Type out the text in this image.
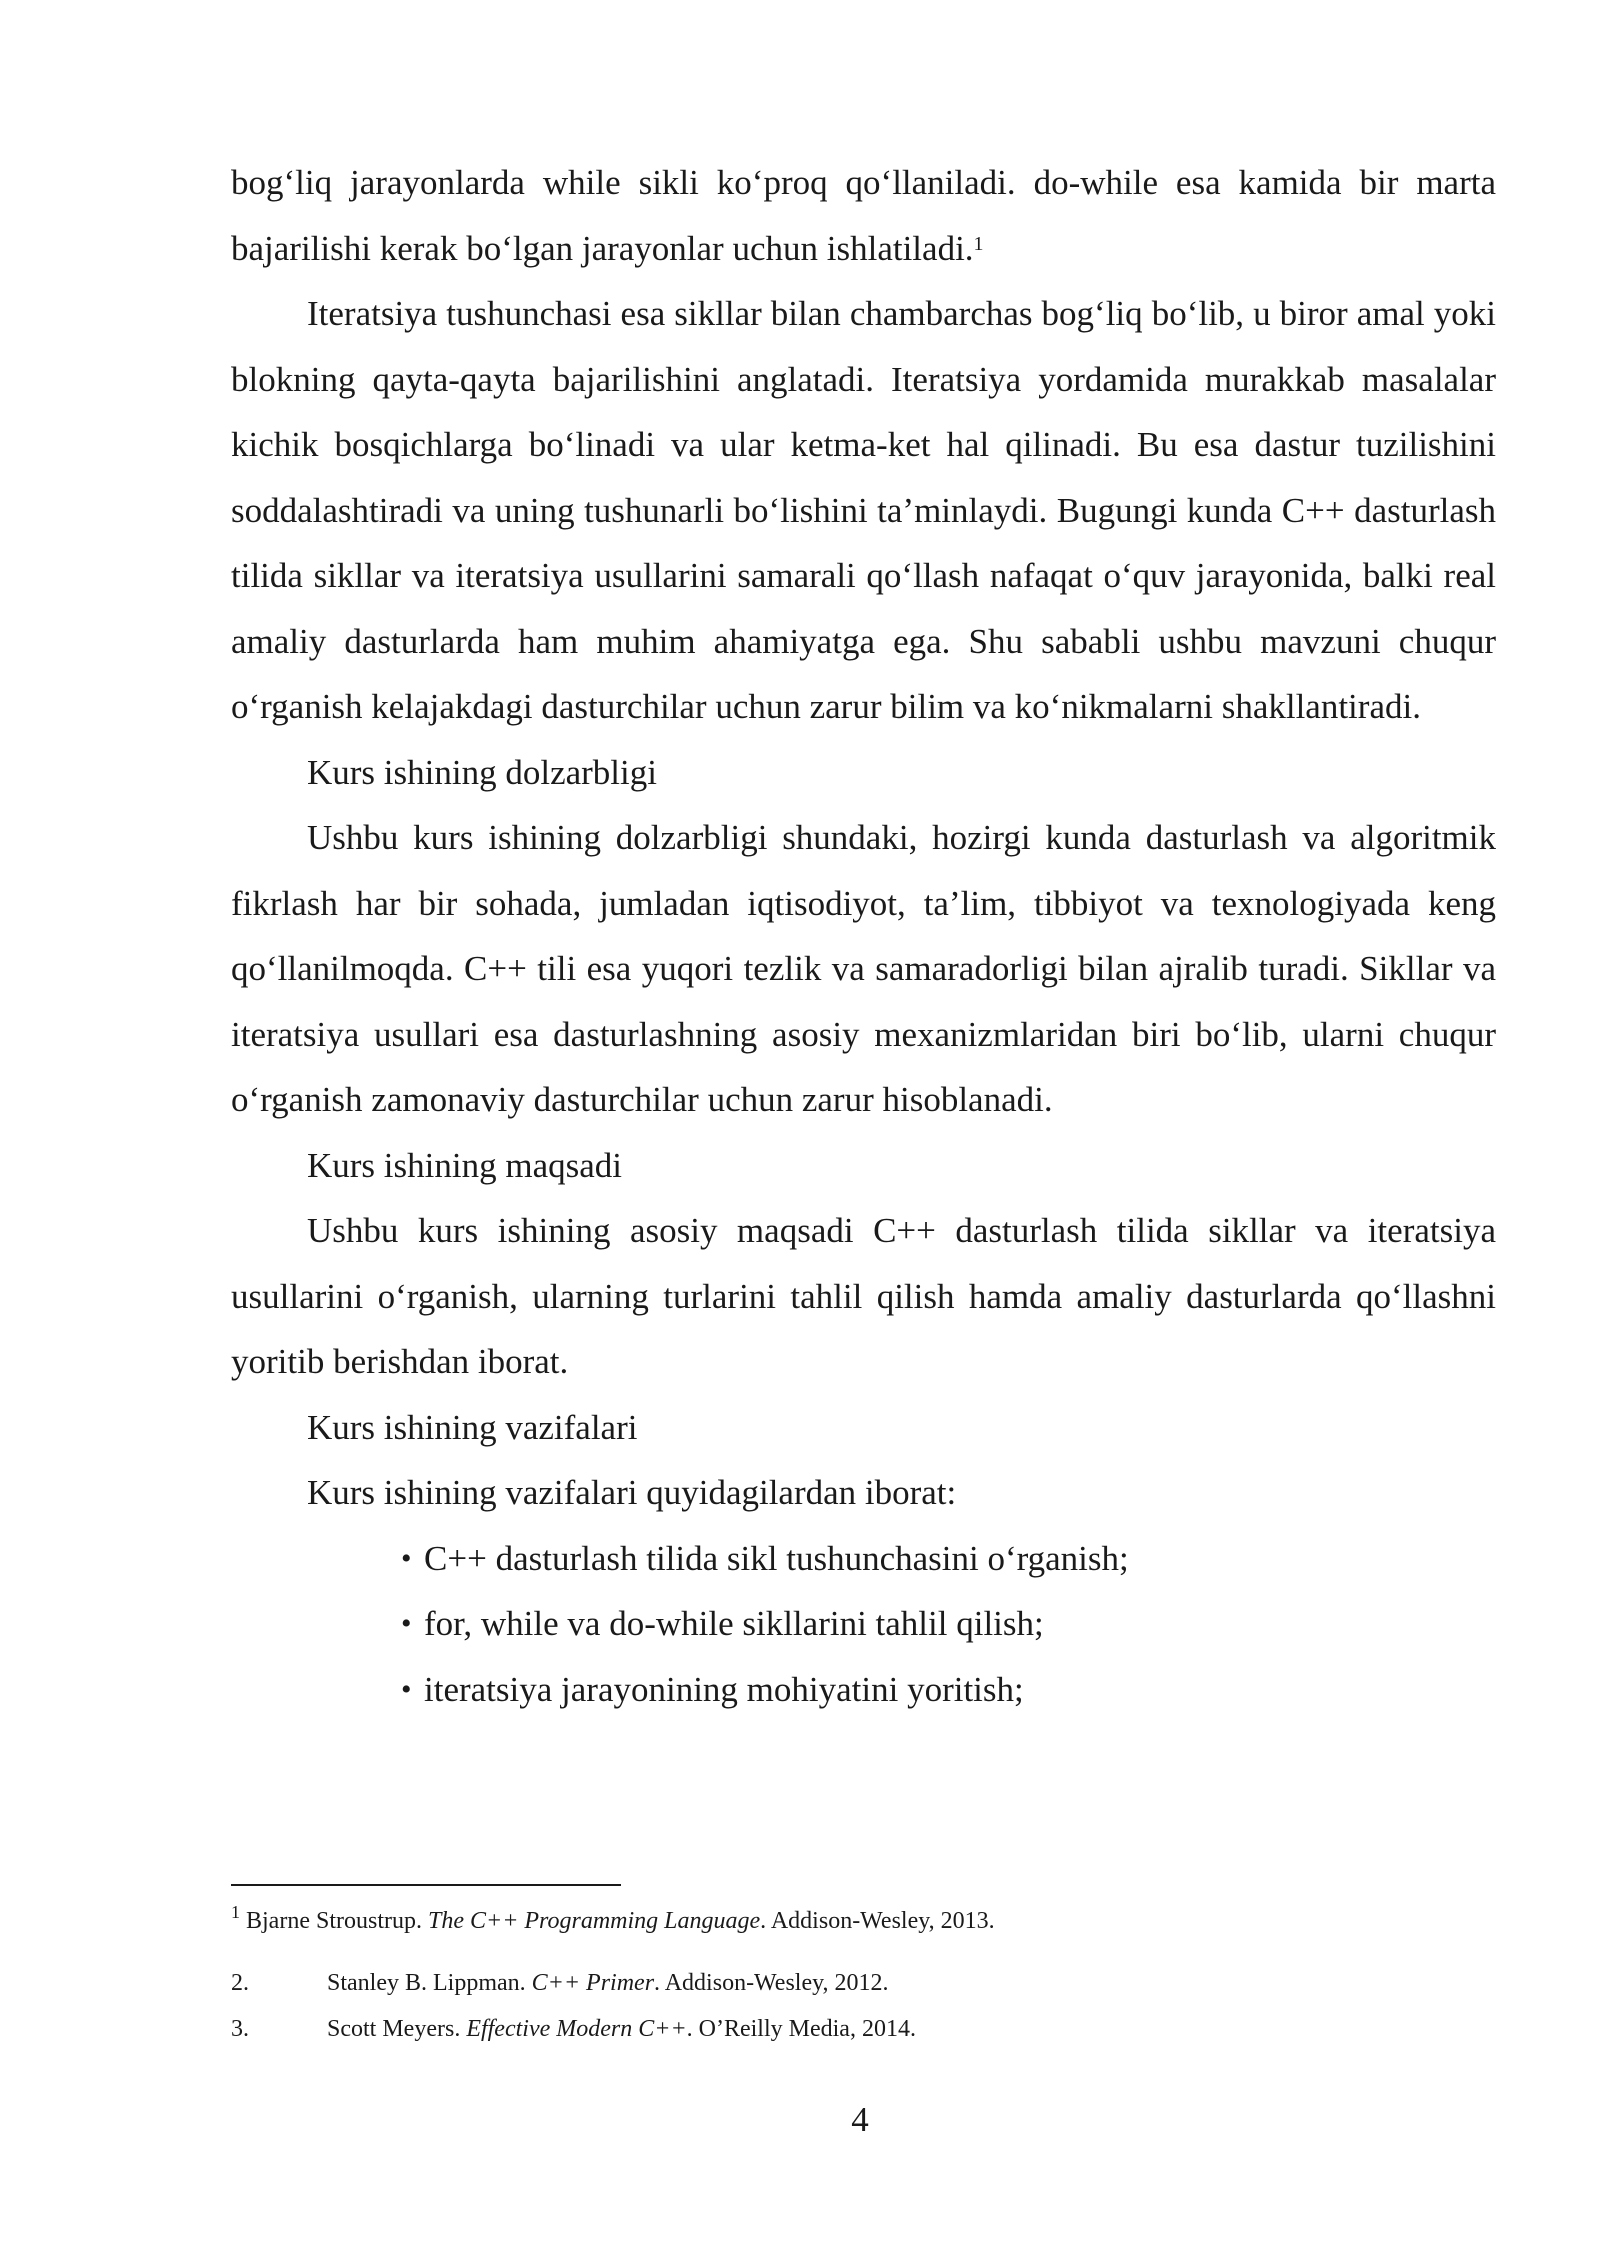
bog‘liq jarayonlarda while sikli ko‘proq qo‘llaniladi. do-while esa kamida bir marta bajarilishi kerak bo‘lgan jarayonlar uchun ishlatiladi.$^1$

Iteratsiya tushunchasi esa sikllar bilan chambarchas bog‘liq bo‘lib, u biror amal yoki blokning qayta-qayta bajarilishini anglatadi. Iteratsiya yordamida murakkab masalalar kichik bosqichlarga bo‘linadi va ular ketma-ket hal qilinadi. Bu esa dastur tuzilishini soddalashtiradi va uning tushunarli bo‘lishini ta’minlaydi. Bugungi kunda C++ dasturlash tilida sikllar va iteratsiya usullarini samarali qo‘llash nafaqat o‘quv jarayonida, balki real amaliy dasturlarda ham muhim ahamiyatga ega. Shu sababli ushbu mavzuni chuqur o‘rganish kelajakdagi dasturchilar uchun zarur bilim va ko‘nikmalarni shakllantiradi.

Kurs ishining dolzarbligi

Ushbu kurs ishining dolzarbligi shundaki, hozirgi kunda dasturlash va algoritmik fikrlash har bir sohada, jumladan iqtisodiyot, ta’lim, tibbiyot va texnologiyada keng qo‘llanilmoqda. C++ tili esa yuqori tezlik va samaradorligi bilan ajralib turadi. Sikllar va iteratsiya usullari esa dasturlashning asosiy mexanizmlaridan biri bo‘lib, ularni chuqur o‘rganish zamonaviy dasturchilar uchun zarur hisoblanadi.

Kurs ishining maqsadi

Ushbu kurs ishining asosiy maqsadi C++ dasturlash tilida sikllar va iteratsiya usullarini o‘rganish, ularning turlarini tahlil qilish hamda amaliy dasturlarda qo‘llashni yoritib berishdan iborat.

Kurs ishining vazifalari

Kurs ishining vazifalari quyidagilardan iborat:

• C++ dasturlash tilida sikl tushunchasini o‘rganish;
• for, while va do-while sikllarini tahlil qilish;
• iteratsiya jarayonining mohiyatini yoritish;
$^1$ Bjarne Stroustrup. The C++ Programming Language. Addison-Wesley, 2013.
2.	Stanley B. Lippman. C++ Primer. Addison-Wesley, 2012.
3.	Scott Meyers. Effective Modern C++. O’Reilly Media, 2014.
4
